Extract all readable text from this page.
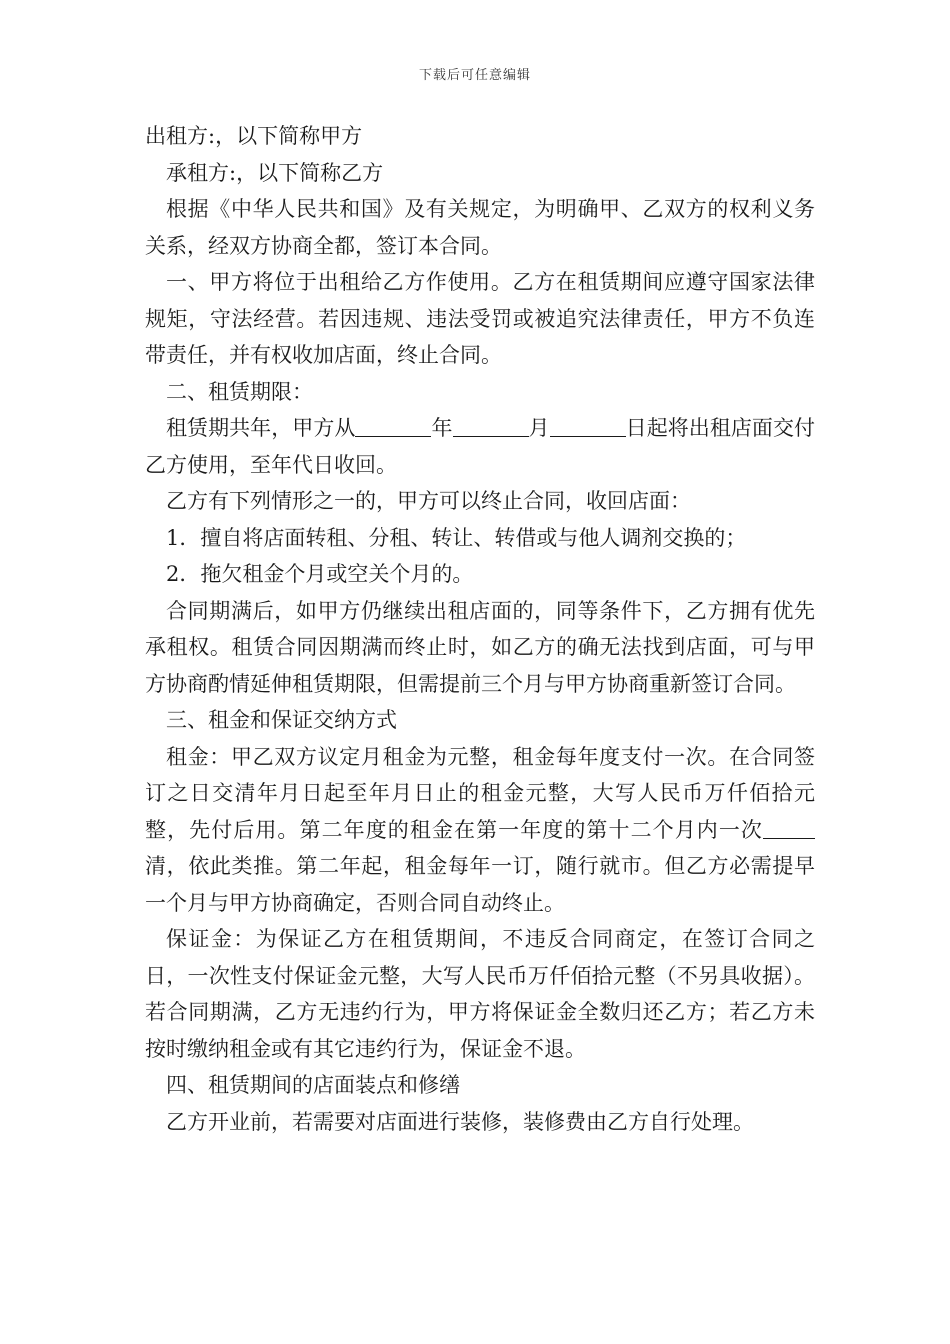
下载后可任意编辑

出租方:，以下简称甲方

承租方:，以下简称乙方

根据《中华人民共和国》及有关规定，为明确甲、乙双方的权利义务关系，经双方协商全都，签订本合同。

一、甲方将位于出租给乙方作使用。乙方在租赁期间应遵守国家法律规矩，守法经营。若因违规、违法受罚或被追究法律责任，甲方不负连带责任，并有权收加店面，终止合同。

二、租赁期限：

租赁期共年，甲方从	年	月	日起将出租店面交付乙方使用，至年代日收回。

乙方有下列情形之一的，甲方可以终止合同，收回店面：

1．擅自将店面转租、分租、转让、转借或与他人调剂交换的；

2．拖欠租金个月或空关个月的。

合同期满后，如甲方仍继续出租店面的，同等条件下，乙方拥有优先承租权。租赁合同因期满而终止时，如乙方的确无法找到店面，可与甲方协商酌情延伸租赁期限，但需提前三个月与甲方协商重新签订合同。

三、租金和保证交纳方式

租金：甲乙双方议定月租金为元整，租金每年度支付一次。在合同签订之日交清年月日起至年月日止的租金元整，大写人民币万仟佰拾元整，先付后用。第二年度的租金在第一年度的第十二个月内一次清，依此类推。第二年起，租金每年一订，随行就市。但乙方必需提早一个月与甲方协商确定，否则合同自动终止。

保证金：为保证乙方在租赁期间，不违反合同商定，在签订合同之日，一次性支付保证金元整，大写人民币万仟佰拾元整（不另具收据）。若合同期满，乙方无违约行为，甲方将保证金全数归还乙方；若乙方未按时缴纳租金或有其它违约行为，保证金不退。

四、租赁期间的店面装点和修缮

乙方开业前，若需要对店面进行装修，装修费由乙方自行处理。
